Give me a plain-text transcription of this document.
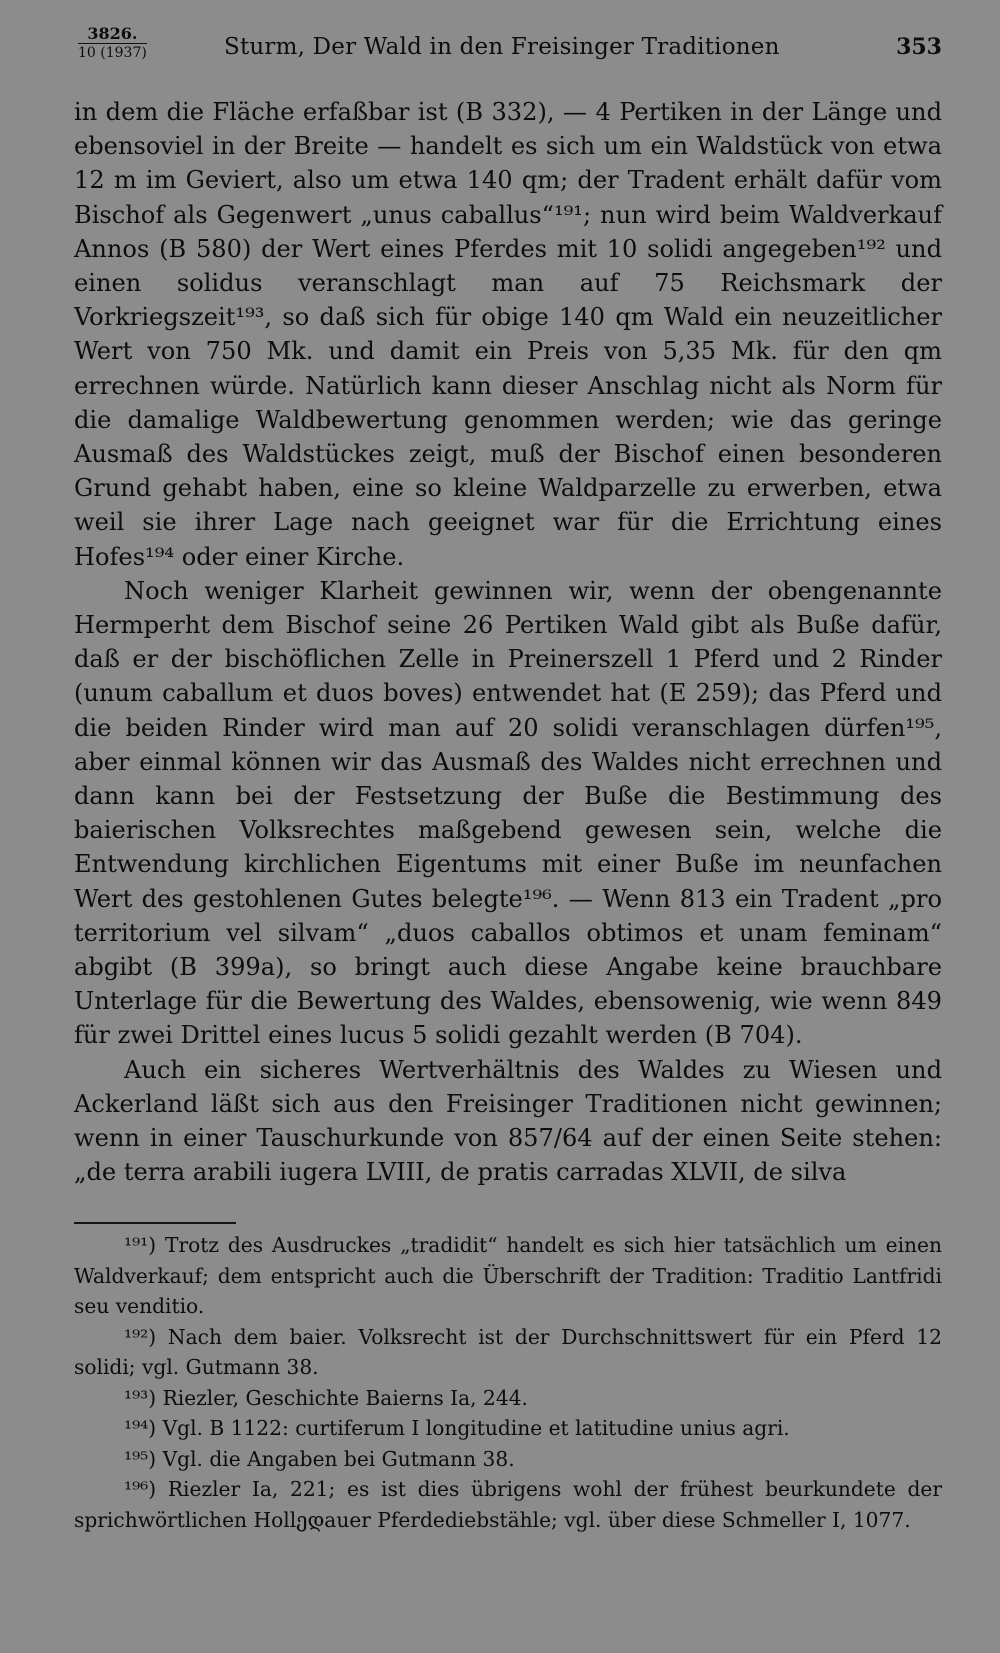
3826.
10 (1937)	Sturm, Der Wald in den Freisinger Traditionen	353

in dem die Fläche erfaßbar ist (B 332), — 4 Pertiken in der Länge und ebensoviel in der Breite — handelt es sich um ein Waldstück von etwa 12 m im Geviert, also um etwa 140 qm; der Tradent erhält dafür vom Bischof als Gegenwert „unus caballus“¹⁹¹; nun wird beim Waldverkauf Annos (B 580) der Wert eines Pferdes mit 10 solidi angegeben¹⁹² und einen solidus veranschlagt man auf 75 Reichsmark der Vorkriegszeit¹⁹³, so daß sich für obige 140 qm Wald ein neuzeitlicher Wert von 750 Mk. und damit ein Preis von 5,35 Mk. für den qm errechnen würde. Natürlich kann dieser Anschlag nicht als Norm für die damalige Waldbewertung genommen werden; wie das geringe Ausmaß des Waldstückes zeigt, muß der Bischof einen besonderen Grund gehabt haben, eine so kleine Waldparzelle zu erwerben, etwa weil sie ihrer Lage nach geeignet war für die Errichtung eines Hofes¹⁹⁴ oder einer Kirche.

Noch weniger Klarheit gewinnen wir, wenn der obengenannte Hermperht dem Bischof seine 26 Pertiken Wald gibt als Buße dafür, daß er der bischöflichen Zelle in Preinerszell 1 Pferd und 2 Rinder (unum caballum et duos boves) entwendet hat (E 259); das Pferd und die beiden Rinder wird man auf 20 solidi veranschlagen dürfen¹⁹⁵, aber einmal können wir das Ausmaß des Waldes nicht errechnen und dann kann bei der Festsetzung der Buße die Bestimmung des baierischen Volksrechtes maßgebend gewesen sein, welche die Entwendung kirchlichen Eigentums mit einer Buße im neunfachen Wert des gestohlenen Gutes belegte¹⁹⁶. — Wenn 813 ein Tradent „pro territorium vel silvam“ „duos caballos obtimos et unam feminam“ abgibt (B 399a), so bringt auch diese Angabe keine brauchbare Unterlage für die Bewertung des Waldes, ebensowenig, wie wenn 849 für zwei Drittel eines lucus 5 solidi gezahlt werden (B 704).

Auch ein sicheres Wertverhältnis des Waldes zu Wiesen und Ackerland läßt sich aus den Freisinger Traditionen nicht gewinnen; wenn in einer Tauschurkunde von 857/64 auf der einen Seite stehen: „de terra arabili iugera LVIII, de pratis carradas XLVII, de silva

¹⁹¹) Trotz des Ausdruckes „tradidit“ handelt es sich hier tatsächlich um einen Waldverkauf; dem entspricht auch die Überschrift der Tradition: Traditio Lantfridi seu venditio.

¹⁹²) Nach dem baier. Volksrecht ist der Durchschnittswert für ein Pferd 12 solidi; vgl. Gutmann 38.

¹⁹³) Riezler, Geschichte Baierns Ia, 244.

¹⁹⁴) Vgl. B 1122: curtiferum I longitudine et latitudine unius agri.

¹⁹⁵) Vgl. die Angaben bei Gutmann 38.

¹⁹⁶) Riezler Ia, 221; es ist dies übrigens wohl der frühest beurkundete der sprichwörtlichen Hollედauer Pferdediebstähle; vgl. über diese Schmeller I, 1077.
